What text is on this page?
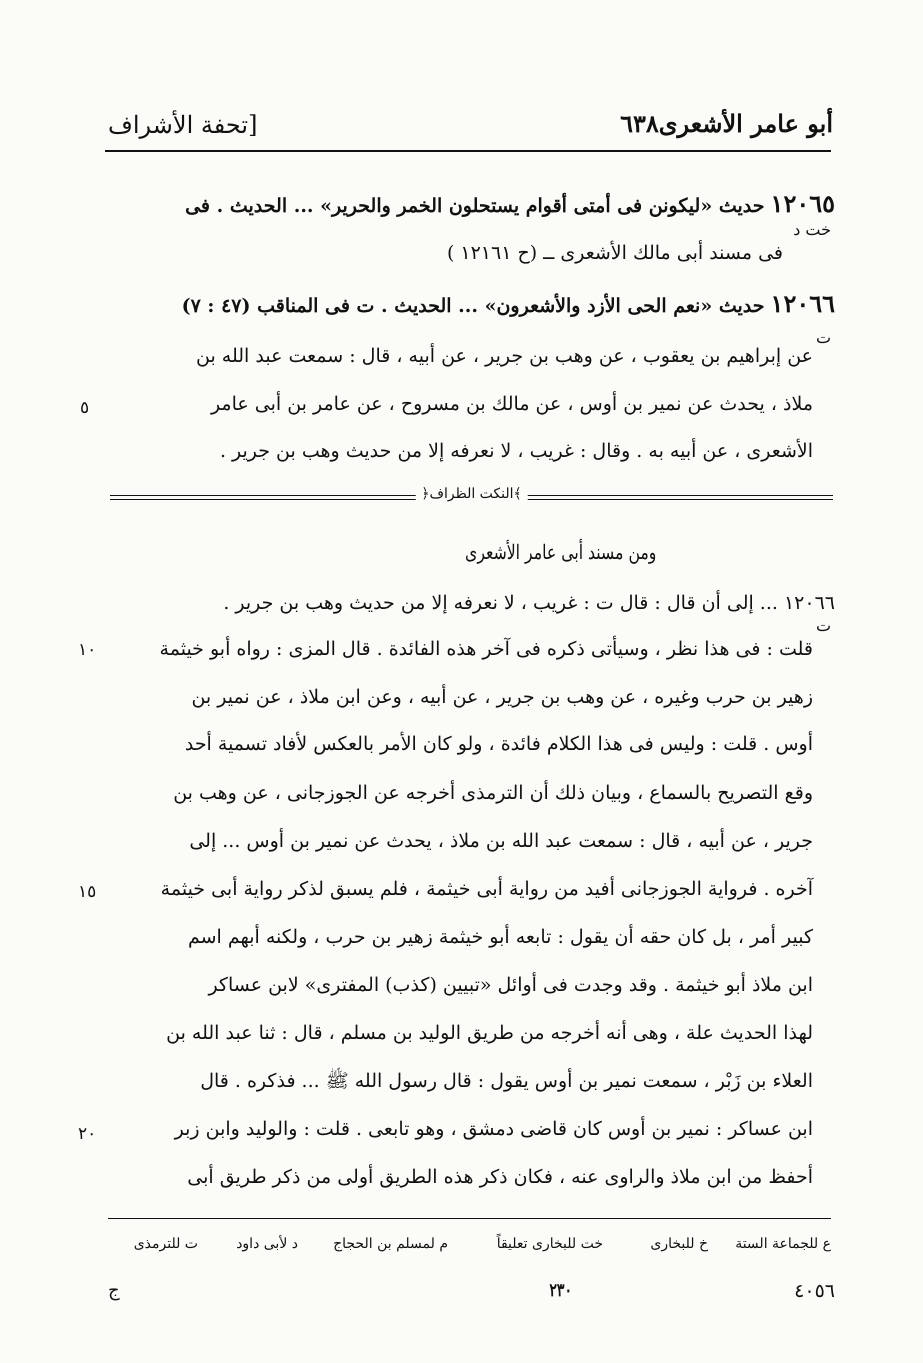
أبو عامر الأشعرى٦٣٨
[تحفة الأشراف
١٢٠٦٥ حديث «ليكونن فى أمتى أقوام يستحلون الخمر والحرير» ... الحديث . فى
خت د
فى مسند أبى مالك الأشعرى ــ (ح ١٢١٦١ )
١٢٠٦٦ حديث «نعم الحى الأزد والأشعرون» ... الحديث . ت فى المناقب (٤٧ : ٧)
ت
عن إبراهيم بن يعقوب ، عن وهب بن جرير ، عن أبيه ، قال : سمعت عبد الله بن
ملاذ ، يحدث عن نمير بن أوس ، عن مالك بن مسروح ، عن عامر بن أبى عامر
الأشعرى ، عن أبيه به . وقال : غريب ، لا نعرفه إلا من حديث وهب بن جرير .
٥
﴿النكت الظراف﴾
ومن مسند أبى عامر الأشعرى
١٢٠٦٦ ... إلى أن قال : قال ت : غريب ، لا نعرفه إلا من حديث وهب بن جرير .
ت
قلت : فى هذا نظر ، وسيأتى ذكره فى آخر هذه الفائدة . قال المزى : رواه أبو خيثمة
زهير بن حرب وغيره ، عن وهب بن جرير ، عن أبيه ، وعن ابن ملاذ ، عن نمير بن
أوس . قلت : وليس فى هذا الكلام فائدة ، ولو كان الأمر بالعكس لأفاد تسمية أحد
وقع التصريح بالسماع ، وبيان ذلك أن الترمذى أخرجه عن الجوزجانى ، عن وهب بن
جرير ، عن أبيه ، قال : سمعت عبد الله بن ملاذ ، يحدث عن نمير بن أوس ... إلى
آخره . فرواية الجوزجانى أفيد من رواية أبى خيثمة ، فلم يسبق لذكر رواية أبى خيثمة
كبير أمر ، بل كان حقه أن يقول : تابعه أبو خيثمة زهير بن حرب ، ولكنه أبهم اسم
ابن ملاذ أبو خيثمة . وقد وجدت فى أوائل «تبيين (كذب) المفترى» لابن عساكر
لهذا الحديث علة ، وهى أنه أخرجه من طريق الوليد بن مسلم ، قال : ثنا عبد الله بن
العلاء بن زَبْر ، سمعت نمير بن أوس يقول : قال رسول الله ﷺ ... فذكره . قال
ابن عساكر : نمير بن أوس كان قاضى دمشق ، وهو تابعى . قلت : والوليد وابن زبر
أحفظ من ابن ملاذ والراوى عنه ، فكان ذكر هذه الطريق أولى من ذكر طريق أبى
١٠
١٥
٢٠
ع للجماعة الستة
خ للبخارى
خت للبخارى تعليقاً
م لمسلم بن الحجاج
د لأبى داود
ت للترمذى
٤٠٥٦
٢٣٠
ج
